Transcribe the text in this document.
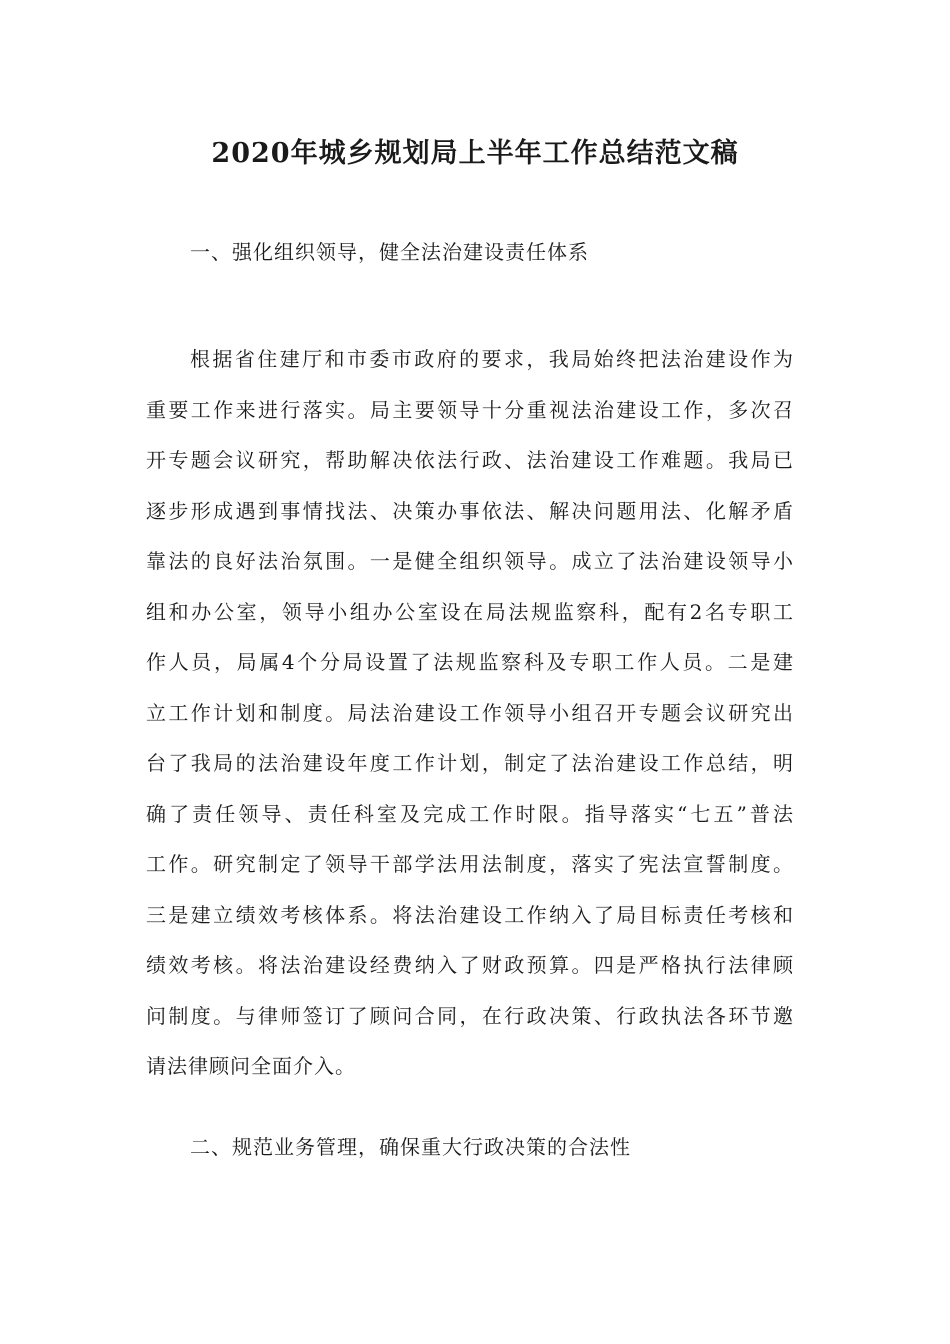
2020年城乡规划局上半年工作总结范文稿
一、强化组织领导，健全法治建设责任体系
根据省住建厅和市委市政府的要求，我局始终把法治建设作为
重要工作来进行落实。局主要领导十分重视法治建设工作，多次召
开专题会议研究，帮助解决依法行政、法治建设工作难题。我局已
逐步形成遇到事情找法、决策办事依法、解决问题用法、化解矛盾
靠法的良好法治氛围。一是健全组织领导。成立了法治建设领导小
组和办公室，领导小组办公室设在局法规监察科，配有2名专职工
作人员，局属4个分局设置了法规监察科及专职工作人员。二是建
立工作计划和制度。局法治建设工作领导小组召开专题会议研究出
台了我局的法治建设年度工作计划，制定了法治建设工作总结，明
确了责任领导、责任科室及完成工作时限。指导落实“七五”普法
工作。研究制定了领导干部学法用法制度，落实了宪法宣誓制度。
三是建立绩效考核体系。将法治建设工作纳入了局目标责任考核和
绩效考核。将法治建设经费纳入了财政预算。四是严格执行法律顾
问制度。与律师签订了顾问合同，在行政决策、行政执法各环节邀
请法律顾问全面介入。
二、规范业务管理，确保重大行政决策的合法性
